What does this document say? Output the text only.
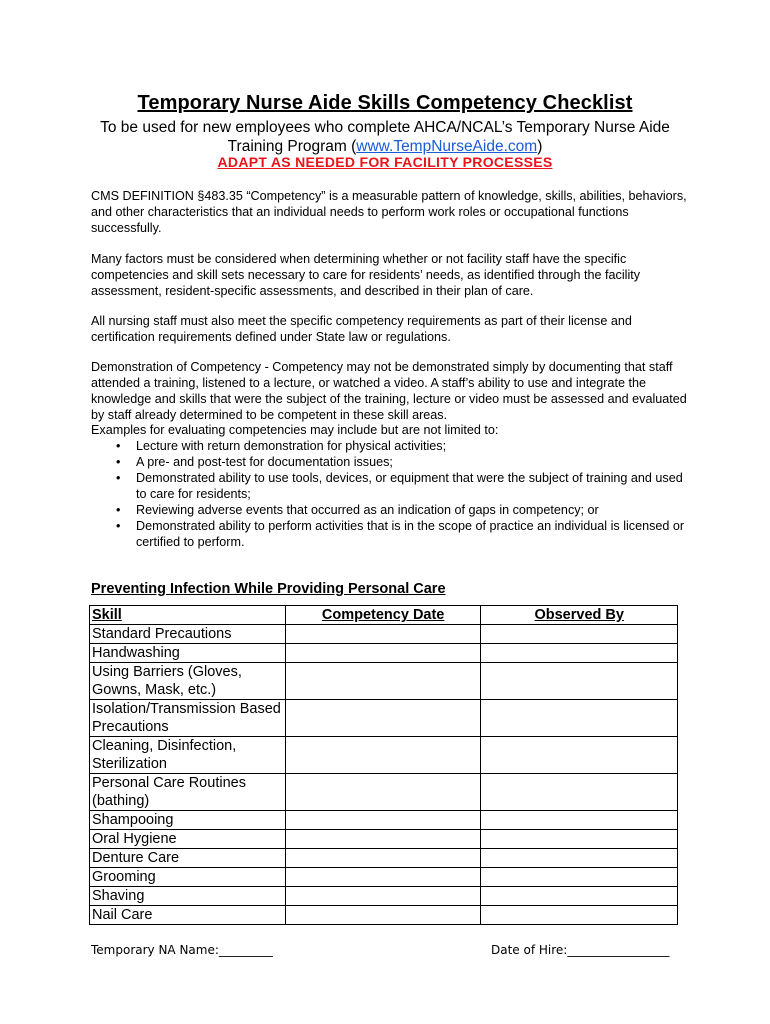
Temporary Nurse Aide Skills Competency Checklist
To be used for new employees who complete AHCA/NCAL’s Temporary Nurse Aide Training Program (www.TempNurseAide.com)
ADAPT AS NEEDED FOR FACILITY PROCESSES

CMS DEFINITION §483.35 “Competency” is a measurable pattern of knowledge, skills, abilities, behaviors, and other characteristics that an individual needs to perform work roles or occupational functions successfully.

Many factors must be considered when determining whether or not facility staff have the specific competencies and skill sets necessary to care for residents’ needs, as identified through the facility assessment, resident-specific assessments, and described in their plan of care.

All nursing staff must also meet the specific competency requirements as part of their license and certification requirements defined under State law or regulations.

Demonstration of Competency - Competency may not be demonstrated simply by documenting that staff attended a training, listened to a lecture, or watched a video. A staff’s ability to use and integrate the knowledge and skills that were the subject of the training, lecture or video must be assessed and evaluated by staff already determined to be competent in these skill areas.

Examples for evaluating competencies may include but are not limited to:

• Lecture with return demonstration for physical activities;
• A pre- and post-test for documentation issues;
• Demonstrated ability to use tools, devices, or equipment that were the subject of training and used to care for residents;
• Reviewing adverse events that occurred as an indication of gaps in competency; or
• Demonstrated ability to perform activities that is in the scope of practice an individual is licensed or certified to perform.
Preventing Infection While Providing Personal Care
Skill	Competency Date	Observed By
Standard Precautions		
Handwashing		
Using Barriers (Gloves, Gowns, Mask, etc.)		
Isolation/Transmission Based Precautions		
Cleaning, Disinfection, Sterilization		
Personal Care Routines (bathing)		
Shampooing		
Oral Hygiene		
Denture Care		
Grooming		
Shaving		
Nail Care		
Temporary NA Name:_________	Date of Hire:_________________
